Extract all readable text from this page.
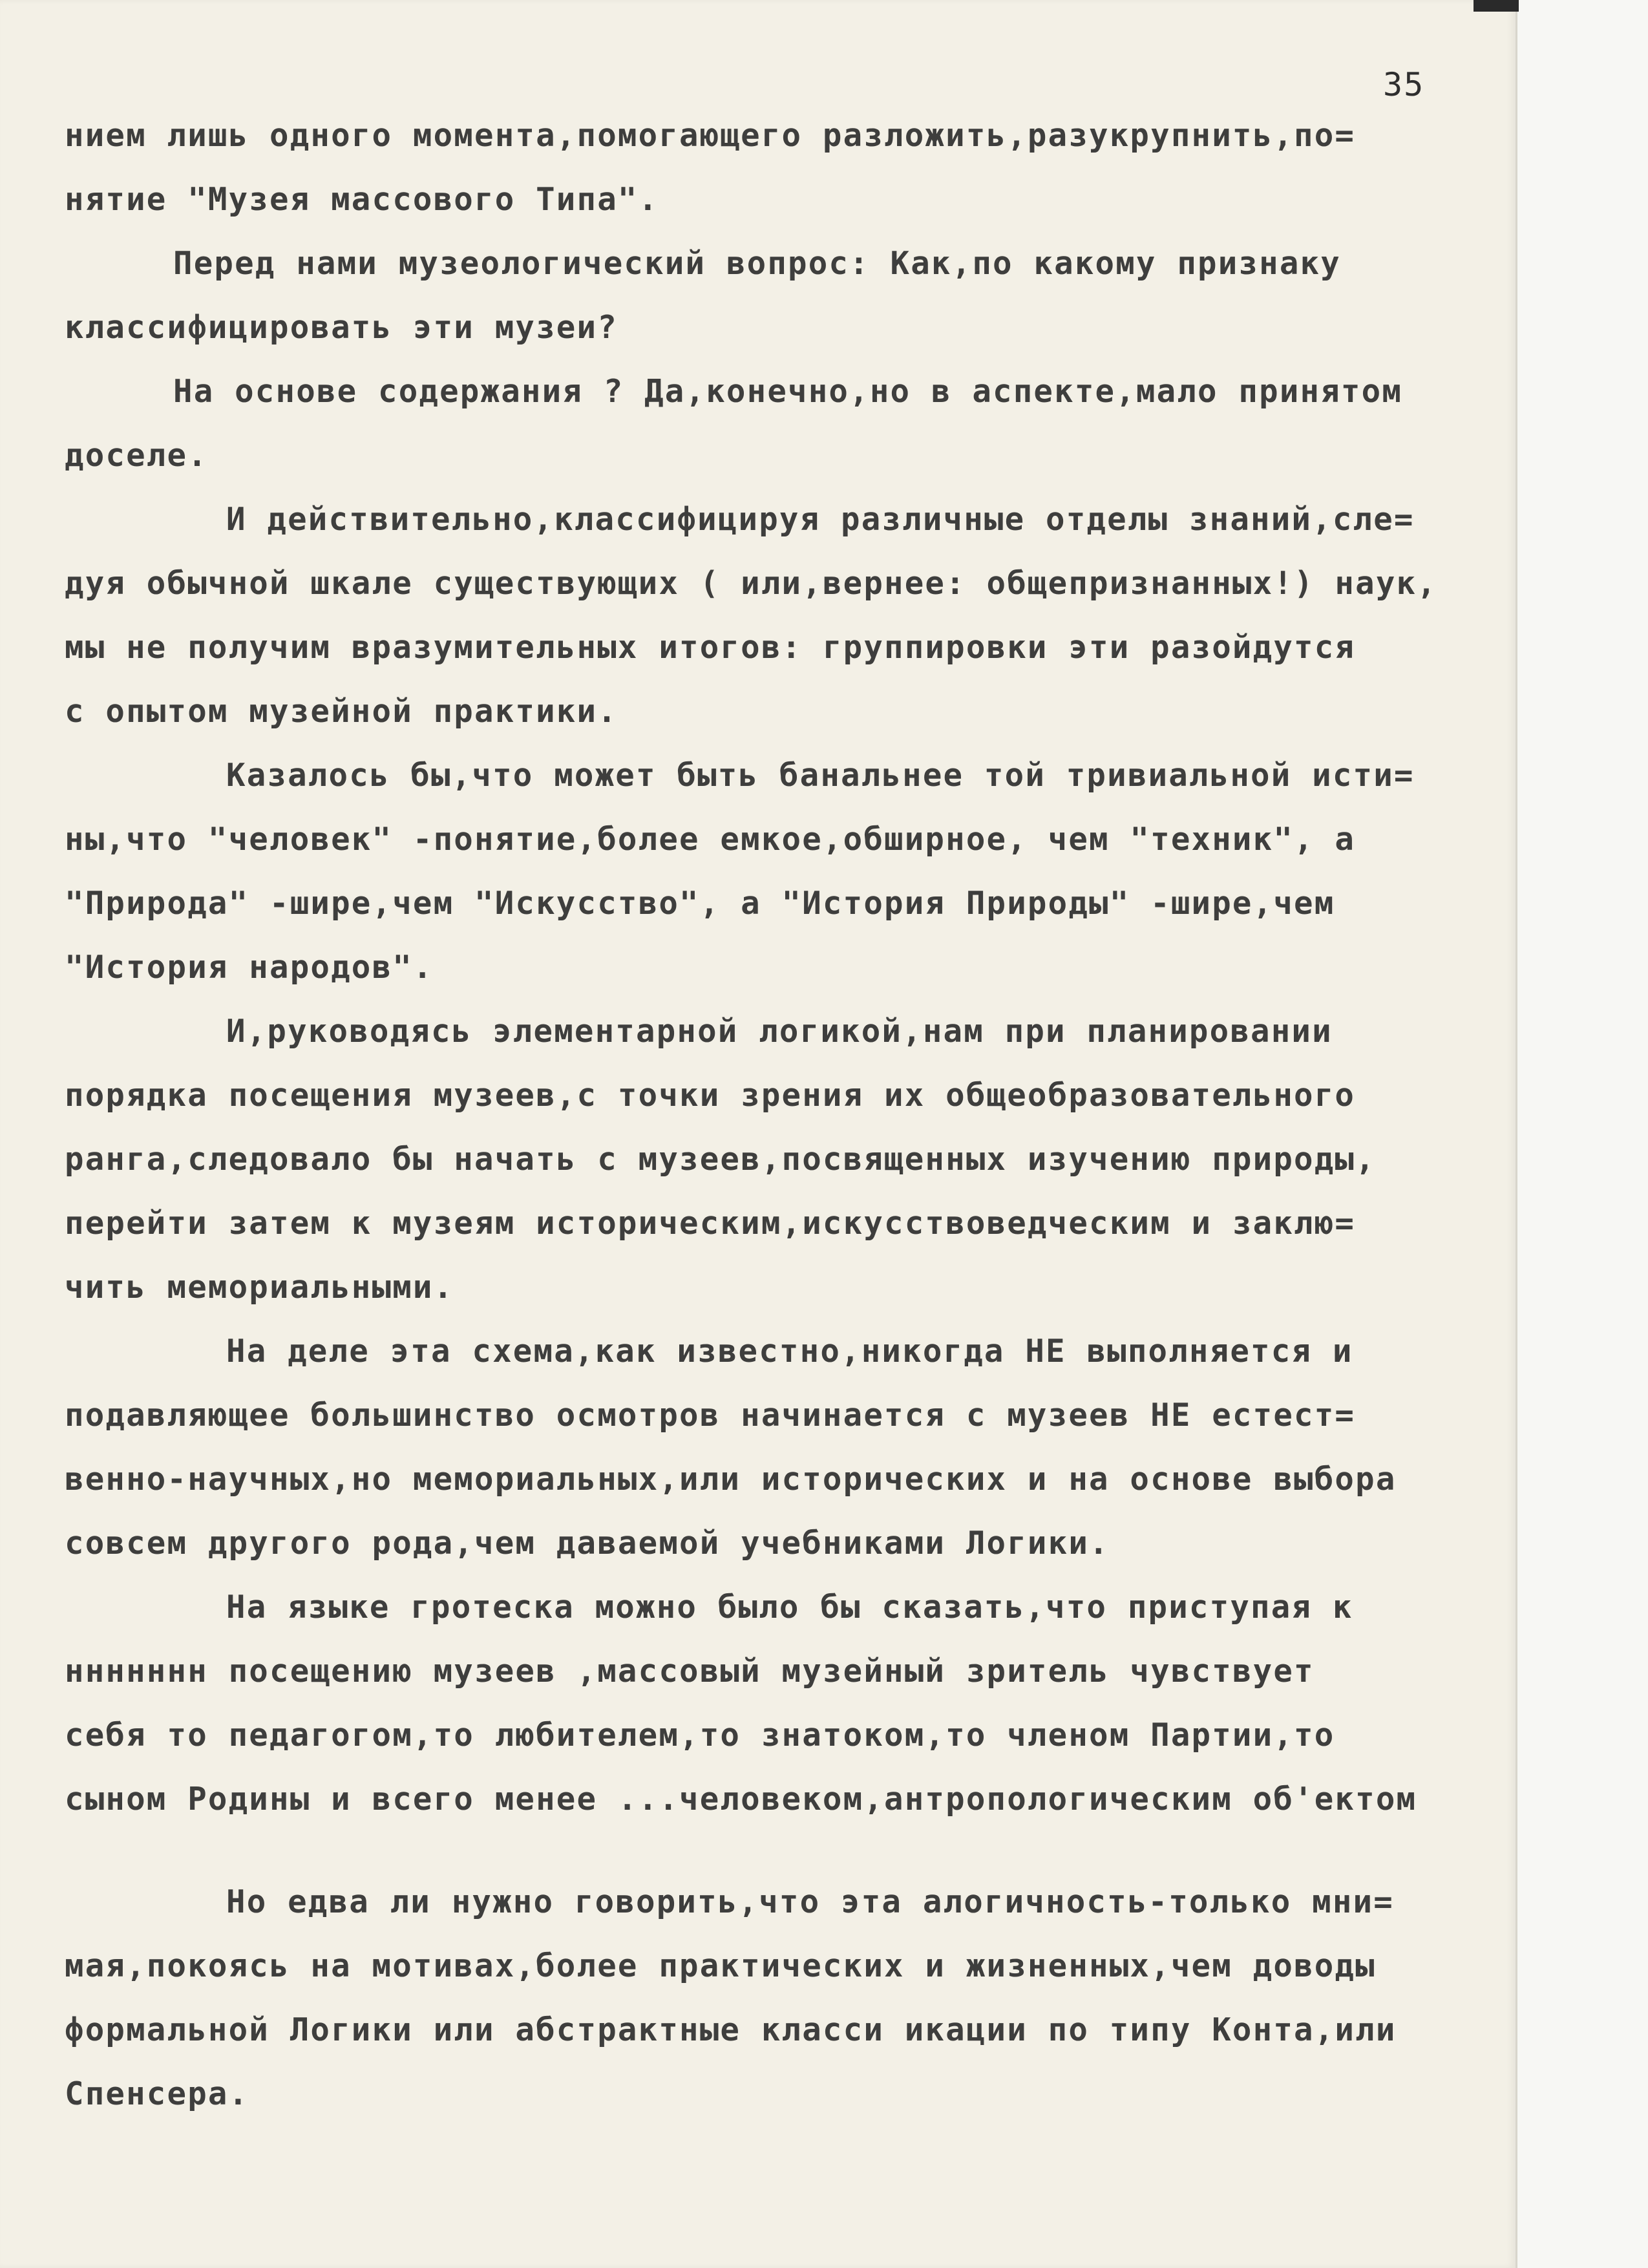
35
нием лишь одного момента,помогающего разложить,разукрупнить,по=
нятие "Музея массового Типа".
Перед нами музеологический вопрос: Как,по какому признаку
классифицировать эти музеи?
На основе содержания ? Да,конечно,но в аспекте,мало принятом
доселе.
И действительно,классифицируя различные отделы знаний,сле=
дуя обычной шкале существующих ( или,вернее: общепризнанных!) наук,
мы не получим вразумительных итогов: группировки эти разойдутся
с опытом музейной практики.
Казалось бы,что может быть банальнее той тривиальной исти=
ны,что "человек" -понятие,более емкое,обширное, чем "техник", а
"Природа" -шире,чем "Искусство", а "История Природы" -шире,чем
"История народов".
И,руководясь элементарной логикой,нам при планировании
порядка посещения музеев,с точки зрения их общеобразовательного
ранга,следовало бы начать с музеев,посвященных изучению природы,
перейти затем к музеям историческим,искусствоведческим и заклю=
чить мемориальными.
На деле эта схема,как известно,никогда НЕ выполняется и
подавляющее большинство осмотров начинается с музеев НЕ естест=
венно-научных,но мемориальных,или исторических и на основе выбора
совсем другого рода,чем даваемой учебниками Логики.
На языке гротеска можно было бы сказать,что приступая к
ннннннн посещению музеев ,массовый музейный зритель чувствует
себя то педагогом,то любителем,то знатоком,то членом Партии,то
сыном Родины и всего менее ...человеком,антропологическим об'ектом
Но едва ли нужно говорить,что эта алогичность-только мни=
мая,покоясь на мотивах,более практических и жизненных,чем доводы
формальной Логики или абстрактные класси икации по типу Конта,или
Спенсера.
